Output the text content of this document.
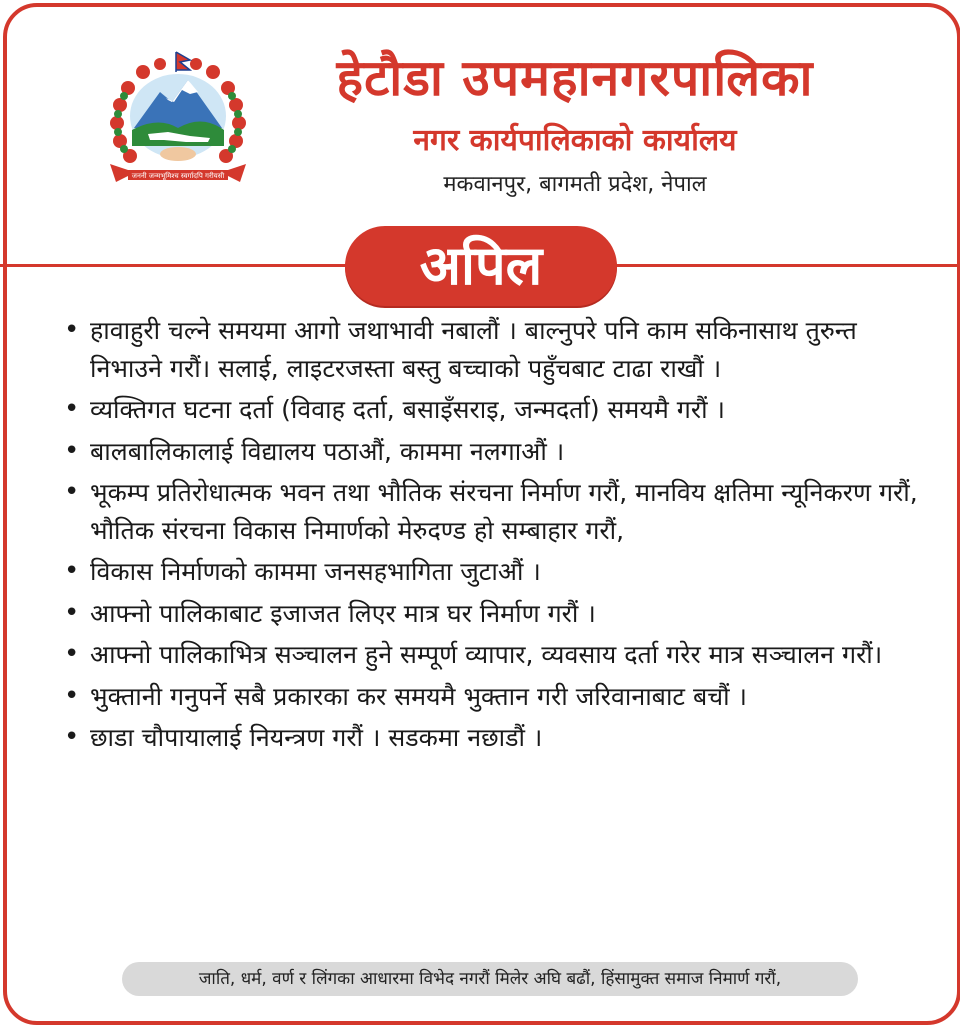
जननी जन्मभूमिश्च स्वर्गादपि गरीयसी
हेटौडा उपमहानगरपालिका
नगर कार्यपालिकाको कार्यालय
मकवानपुर, बागमती प्रदेश, नेपाल
अपिल
• हावाहुरी चल्ने समयमा आगो जथाभावी नबालौं । बाल्नुपरे पनि काम सकिनासाथ तुरुन्त निभाउने गरौं। सलाई, लाइटरजस्ता बस्तु बच्चाको पहुँचबाट टाढा राखौं ।
• व्यक्तिगत घटना दर्ता (विवाह दर्ता, बसाइँसराइ, जन्मदर्ता) समयमै गरौं ।
• बालबालिकालाई विद्यालय पठाऔं, काममा नलगाऔं ।
• भूकम्प प्रतिरोधात्मक भवन तथा भौतिक संरचना निर्माण गरौं, मानविय क्षतिमा न्यूनिकरण गरौं, भौतिक संरचना विकास निमार्णको मेरुदण्ड हो सम्बाहार गरौं,
• विकास निर्माणको काममा जनसहभागिता जुटाऔं ।
• आफ्नो पालिकाबाट इजाजत लिएर मात्र घर निर्माण गरौं ।
• आफ्नो पालिकाभित्र सञ्चालन हुने सम्पूर्ण व्यापार, व्यवसाय दर्ता गरेर मात्र सञ्चालन गरौं।
• भुक्तानी गनुपर्ने सबै प्रकारका कर समयमै भुक्तान गरी जरिवानाबाट बचौं ।
• छाडा चौपायालाई नियन्त्रण गरौं । सडकमा नछाडौं ।
जाति, धर्म, वर्ण र लिंगका आधारमा विभेद नगरौं मिलेर अघि बढौं, हिंसामुक्त समाज निमार्ण गरौं,
